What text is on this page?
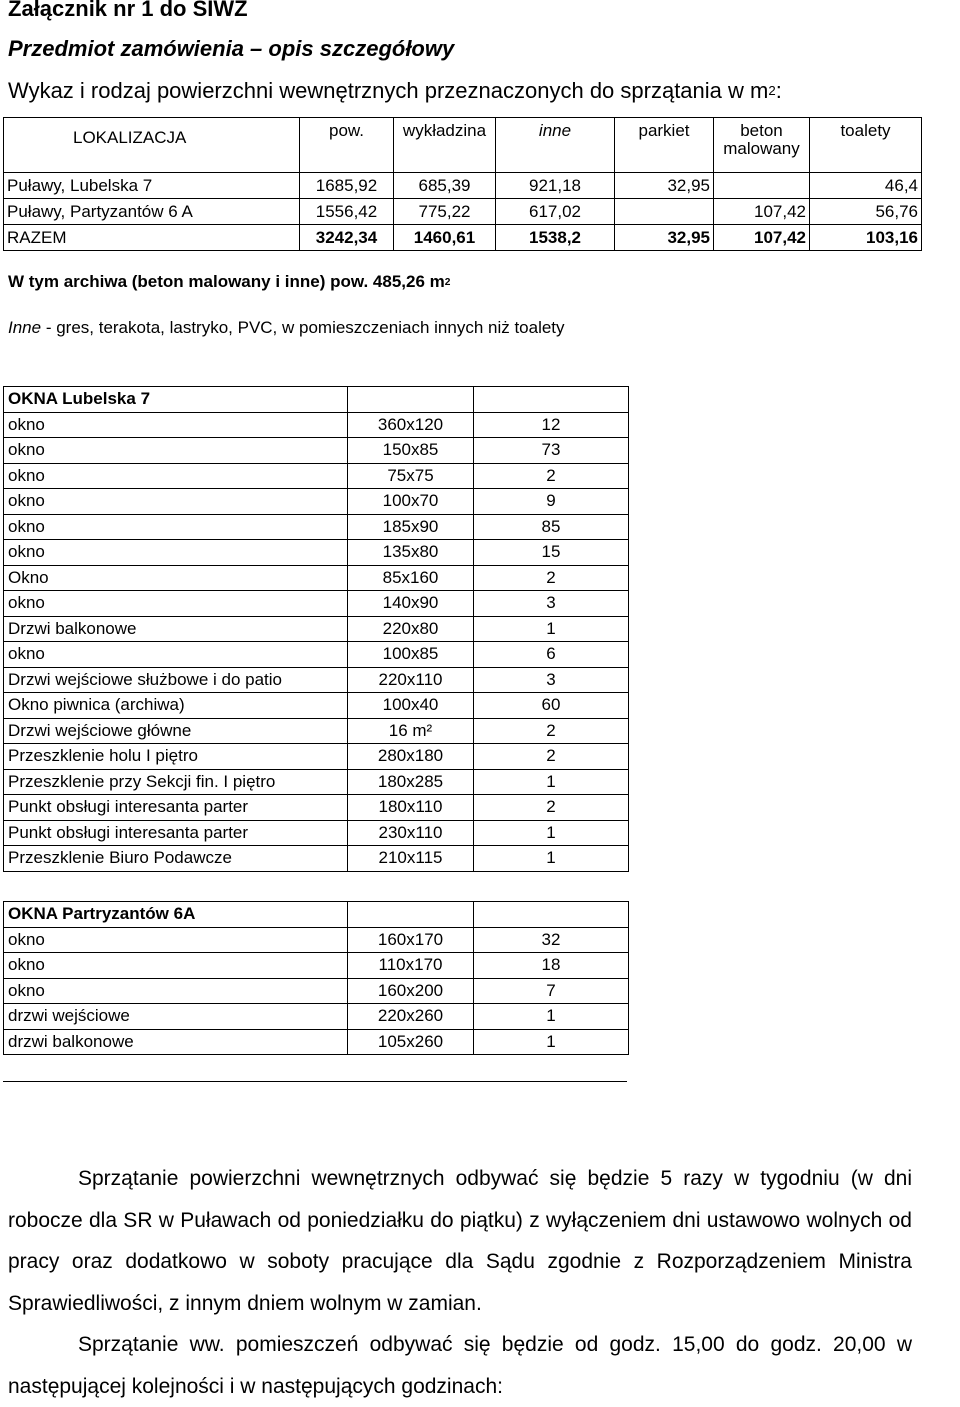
Załącznik nr 1 do SIWZ
Przedmiot zamówienia – opis szczegółowy
Wykaz i rodzaj powierzchni wewnętrznych przeznaczonych do sprzątania w $m^2$:
LOKALIZACJA	pow.	wykładzina	inne	parkiet	beton malowany	toalety
Puławy, Lubelska 7	1685,92	685,39	921,18	32,95		46,4
Puławy, Partyzantów 6 A	1556,42	775,22	617,02		107,42	56,76
RAZEM	3242,34	1460,61	1538,2	32,95	107,42	103,16
W tym archiwa (beton malowany i inne) pow. 485,26 $m^2$
Inne - gres, terakota, lastryko, PVC, w pomieszczeniach innych niż toalety
OKNA Lubelska 7		
okno	360x120	12
okno	150x85	73
okno	75x75	2
okno	100x70	9
okno	185x90	85
okno	135x80	15
Okno	85x160	2
okno	140x90	3
Drzwi balkonowe	220x80	1
okno	100x85	6
Drzwi wejściowe służbowe i do patio	220x110	3
Okno piwnica (archiwa)	100x40	60
Drzwi wejściowe główne	16 m²	2
Przeszklenie holu I piętro	280x180	2
Przeszklenie przy Sekcji fin. I piętro	180x285	1
Punkt obsługi interesanta parter	180x110	2
Punkt obsługi interesanta parter	230x110	1
Przeszklenie Biuro Podawcze	210x115	1
OKNA Partryzantów 6A		
okno	160x170	32
okno	110x170	18
okno	160x200	7
drzwi wejściowe	220x260	1
drzwi balkonowe	105x260	1
Sprzątanie powierzchni wewnętrznych odbywać się będzie 5 razy w tygodniu (w dni robocze dla SR w Puławach od poniedziałku do piątku) z wyłączeniem dni ustawowo wolnych od pracy oraz dodatkowo w soboty pracujące dla Sądu zgodnie z Rozporządzeniem Ministra Sprawiedliwości, z innym dniem wolnym w zamian.
Sprzątanie ww. pomieszczeń odbywać się będzie od godz. 15,00 do godz. 20,00 w następującej kolejności i w następujących godzinach:
